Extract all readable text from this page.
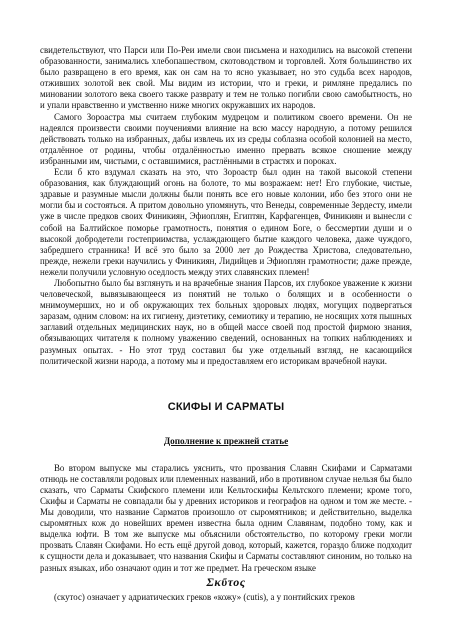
свидетельствуют, что Парси или По-Реи имели свои письмена и находились на высокой степени образованности, занимались хлебопашеством, скотоводством и торговлей. Хотя большинство их было развращено в его время, как он сам на то ясно указывает, но это судьба всех народов, отживших золотой век свой. Мы видим из истории, что и греки, и римляне предались по миновании золотого века своего также разврату и тем не только погибли свою самобытность, но и упали нравственно и умственно ниже многих окружавших их народов.

Самого Зороастра мы считаем глубоким мудрецом и политиком своего времени. Он не надеялся произвести своими поучениями влияние на всю массу народную, а потому решился действовать только на избранных, дабы извлечь их из среды соблазна особой колонией на место, отдалённое от родины, чтобы отдалённостью именно прервать всякое сношение между избранными им, чистыми, с оставшимися, растлёнными в страстях и пороках.

Если б кто вздумал сказать на это, что Зороастр был один на такой высокой степени образования, как блуждающий огонь на болоте, то мы возражаем: нет! Его глубокие, чистые, здравые и разумные мысли должны были понять все его новые колонии, ибо без этого они не могли бы и состояться. А притом довольно упомянуть, что Венеды, современные Зердесту, имели уже в числе предков своих Финикиян, Эфиоплян, Египтян, Карфагенцев, Финикиян и вынесли с собой на Балтийское поморье грамотность, понятия о едином Боге, о бессмертии души и о высокой добродетели гостеприимства, услаждающего бытие каждого человека, даже чуждого, забредшего странника! И всё это было за 2000 лет до Рождества Христова, следовательно, прежде, нежели греки научились у Финикиян, Лидийцев и Эфиоплян грамотности; даже прежде, нежели получили условную оседлость между этих славянских племен!

Любопытно было бы взглянуть и на врачебные знания Парсов, их глубокое уважение к жизни человеческой, вывязывающееся из понятий не только о болящих и в особенности о мнимоумерших, но и об окружающих тех больных здоровых людях, могущих подвергаться заразам, одним словом: на их гигиену, диэтетику, семиотику и терапию, не носящих хотя пышных заглавий отдельных медицинских наук, но в общей массе своей под простой фирмою знания, обязывающих читателя к полному уважению сведений, основанных на топких наблюдениях и разумных опытах. - Но этот труд составил бы уже отдельный взгляд, не касающийся политической жизни народа, а потому мы и предоставляем его историкам врачебной науки.

СКИФЫ И САРМАТЫ
Дополнение к прежней статье

Во втором выпуске мы старались уяснить, что прозвания Славян Скифами и Сарматами отнюдь не составляли родовых или племенных названий, ибо в противном случае нельзя бы было сказать, что Сарматы Скифского племени или Кельтоскифы Кельтского племени; кроме того, Скифы и Сарматы не совпадали бы у древних историков и географов на одном и том же месте. - Мы доводили, что название Сарматов произошло от сыромятников; и действительно, выделка сыромятных кож до новейших времен известна была одним Славянам, подобно тому, как и выделка юфти. В том же выпуске мы объяснили обстоятельство, по которому греки могли прозвать Славян Скифами. Но есть ещё другой довод, который, кажется, гораздо ближе подходит к сущности дела и доказывает, что названия Скифы и Сарматы составляют синоним, но только на разных языках, ибо означают один и тот же предмет. На греческом языке

Σκῦτος

(скутос) означает у адриатических греков «кожу» (cutis), а у понтийских греков
